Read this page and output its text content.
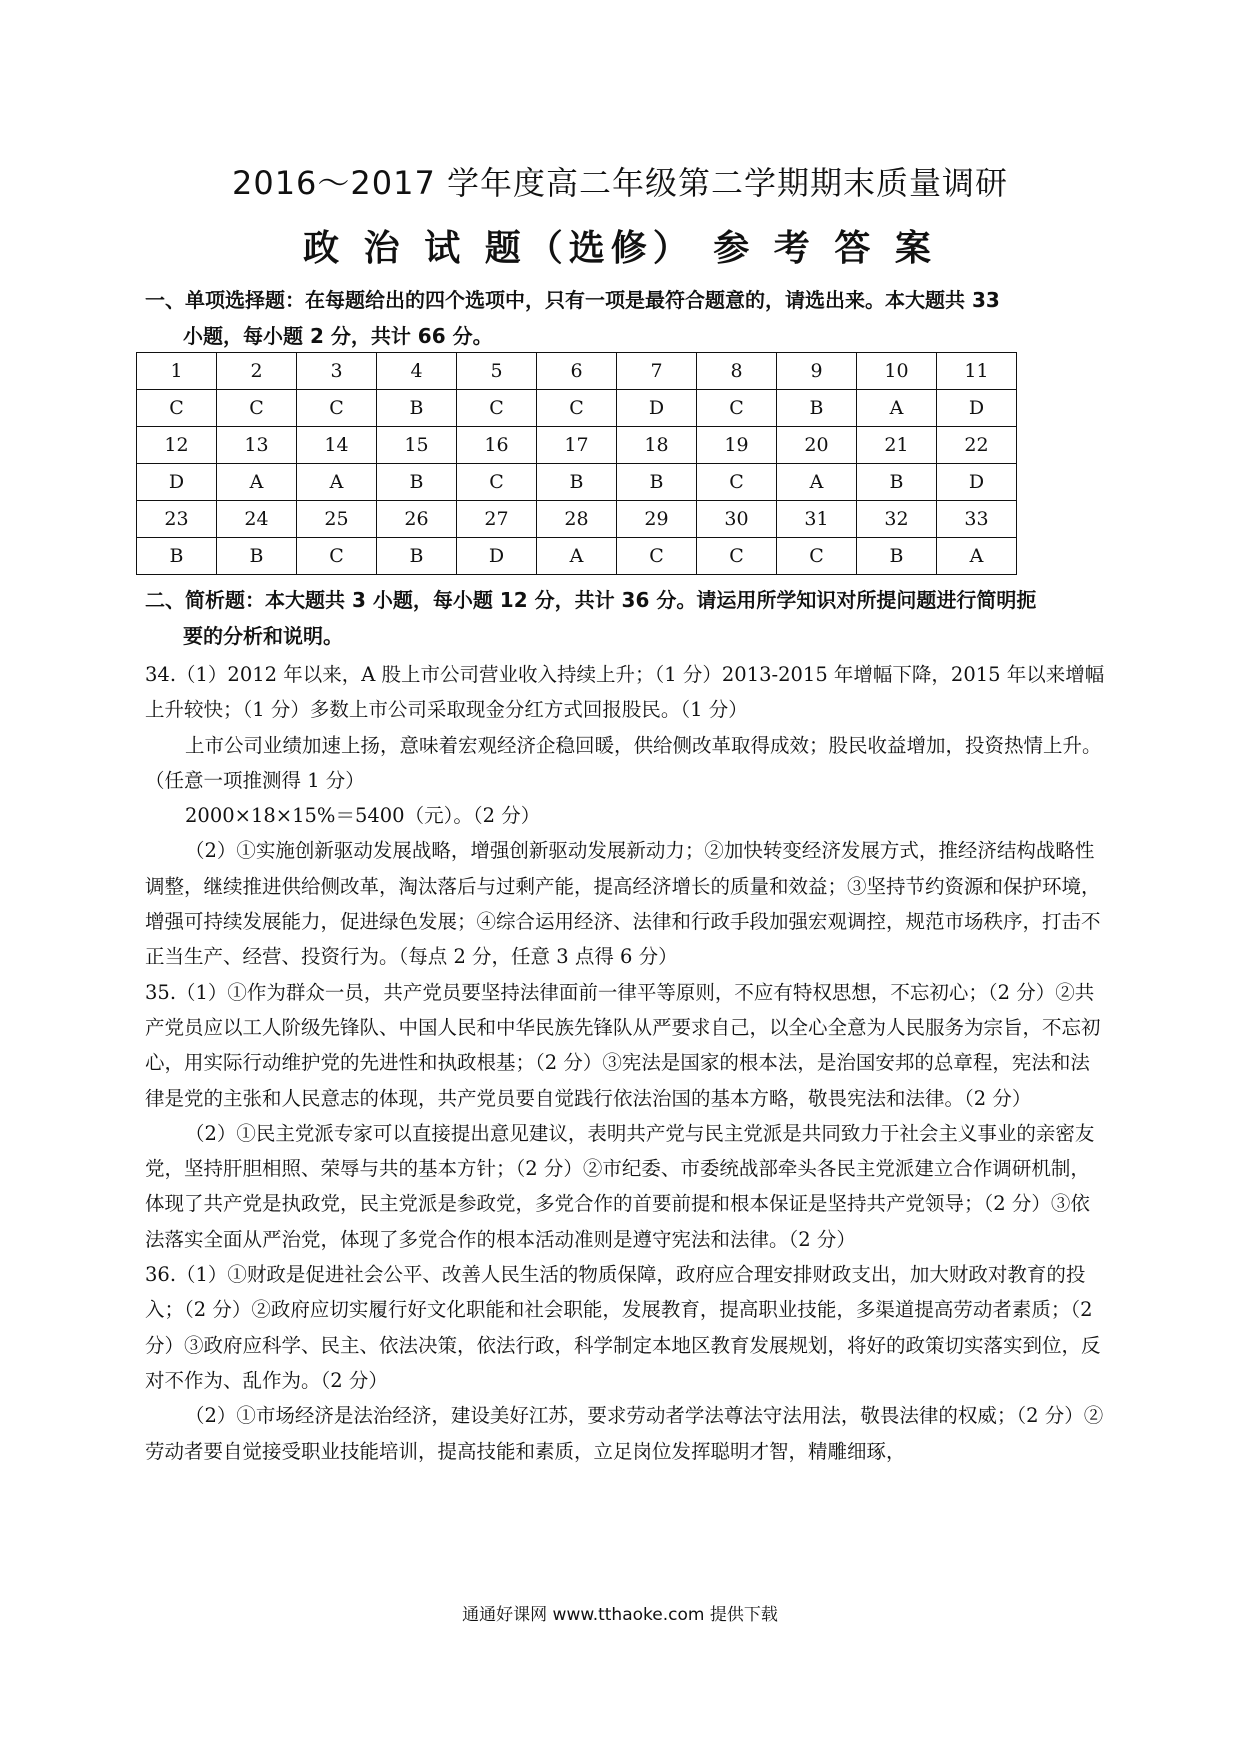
2016～2017 学年度高二年级第二学期期末质量调研
政 治 试 题（选修） 参 考 答 案
一、单项选择题：在每题给出的四个选项中，只有一项是最符合题意的，请选出来。本大题共 33
小题，每小题 2 分，共计 66 分。
1	2	3	4	5	6	7	8	9	10	11
C	C	C	B	C	C	D	C	B	A	D
12	13	14	15	16	17	18	19	20	21	22
D	A	A	B	C	B	B	C	A	B	D
23	24	25	26	27	28	29	30	31	32	33
B	B	C	B	D	A	C	C	C	B	A
二、简析题：本大题共 3 小题，每小题 12 分，共计 36 分。请运用所学知识对所提问题进行简明扼
要的分析和说明。

34.（1）2012 年以来，A 股上市公司营业收入持续上升；（1 分）2013-2015 年增幅下降，2015 年以来增幅上升较快；（1 分）多数上市公司采取现金分红方式回报股民。（1 分）

上市公司业绩加速上扬，意味着宏观经济企稳回暖，供给侧改革取得成效；股民收益增加，投资热情上升。（任意一项推测得 1 分）

2000×18×15%＝5400（元）。（2 分）

（2）①实施创新驱动发展战略，增强创新驱动发展新动力；②加快转变经济发展方式，推经济结构战略性调整，继续推进供给侧改革，淘汰落后与过剩产能，提高经济增长的质量和效益；③坚持节约资源和保护环境，增强可持续发展能力，促进绿色发展；④综合运用经济、法律和行政手段加强宏观调控，规范市场秩序，打击不正当生产、经营、投资行为。（每点 2 分，任意 3 点得 6 分）

35.（1）①作为群众一员，共产党员要坚持法律面前一律平等原则，不应有特权思想，不忘初心；（2 分）②共产党员应以工人阶级先锋队、中国人民和中华民族先锋队从严要求自己，以全心全意为人民服务为宗旨，不忘初心，用实际行动维护党的先进性和执政根基；（2 分）③宪法是国家的根本法，是治国安邦的总章程，宪法和法律是党的主张和人民意志的体现，共产党员要自觉践行依法治国的基本方略，敬畏宪法和法律。（2 分）

（2）①民主党派专家可以直接提出意见建议，表明共产党与民主党派是共同致力于社会主义事业的亲密友党，坚持肝胆相照、荣辱与共的基本方针；（2 分）②市纪委、市委统战部牵头各民主党派建立合作调研机制，体现了共产党是执政党，民主党派是参政党，多党合作的首要前提和根本保证是坚持共产党领导；（2 分）③依法落实全面从严治党，体现了多党合作的根本活动准则是遵守宪法和法律。（2 分）

36.（1）①财政是促进社会公平、改善人民生活的物质保障，政府应合理安排财政支出，加大财政对教育的投入；（2 分）②政府应切实履行好文化职能和社会职能，发展教育，提高职业技能，多渠道提高劳动者素质；（2 分）③政府应科学、民主、依法决策，依法行政，科学制定本地区教育发展规划，将好的政策切实落实到位，反对不作为、乱作为。（2 分）

（2）①市场经济是法治经济，建设美好江苏，要求劳动者学法尊法守法用法，敬畏法律的权威；（2 分）②劳动者要自觉接受职业技能培训，提高技能和素质，立足岗位发挥聪明才智，精雕细琢，

通通好课网 www.tthaoke.com 提供下载
